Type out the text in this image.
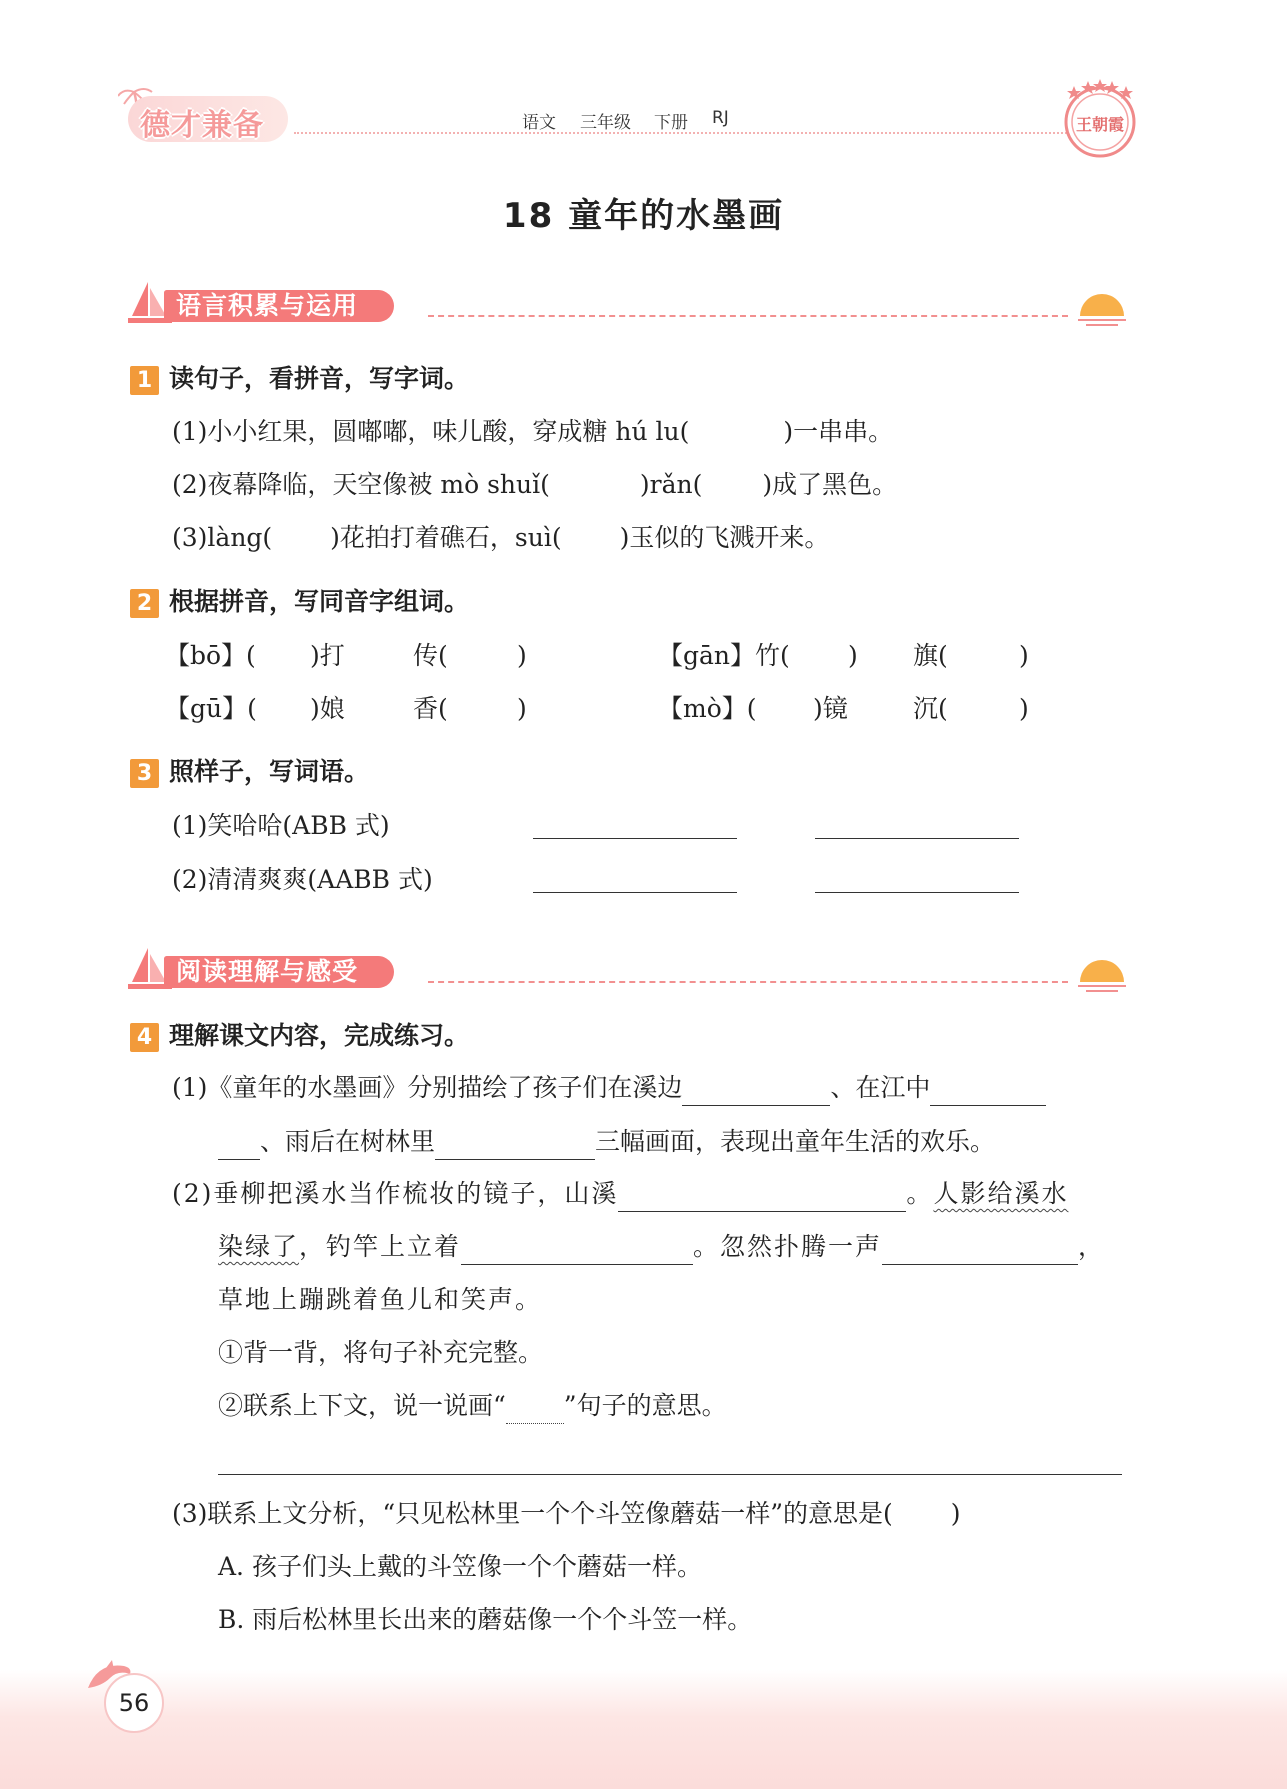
德才兼备	语文 三年级 下册 RJ	王朝霞
18 童年的水墨画
语言积累与运用
1 读句子，看拼音，写字词。
(1)小小红果，圆嘟嘟，味儿酸，穿成糖 hú lu(	)一串串。
(2)夜幕降临，天空像被 mò shuǐ(	)rǎn( )成了黑色。
(3)làng( )花拍打着礁石，suì( )玉似的飞溅开来。
2 根据拼音，写同音字组词。
【bō】( )打	传(	)	【gān】竹( ) 旗(	)
【gū】( )娘	香(	)	【mò】( )镜	沉(	)
3 照样子，写词语。
(1)笑哈哈(ABB 式)
(2)清清爽爽(AABB 式)
阅读理解与感受
4 理解课文内容，完成练习。
(1)《童年的水墨画》分别描绘了孩子们在溪边	、在江中
、雨后在树林里	三幅画面，表现出童年生活的欢乐。
(2)垂柳把溪水当作梳妆的镜子，山溪	。人影给溪水
染绿了，钓竿上立着	。忽然扑腾一声	，
草地上蹦跳着鱼儿和笑声。
①背一背，将句子补充完整。
②联系上下文，说一说画“ ”句子的意思。
(3)联系上文分析，“只见松林里一个个斗笠像蘑菇一样”的意思是( )
A. 孩子们头上戴的斗笠像一个个蘑菇一样。
B. 雨后松林里长出来的蘑菇像一个个斗笠一样。
56
